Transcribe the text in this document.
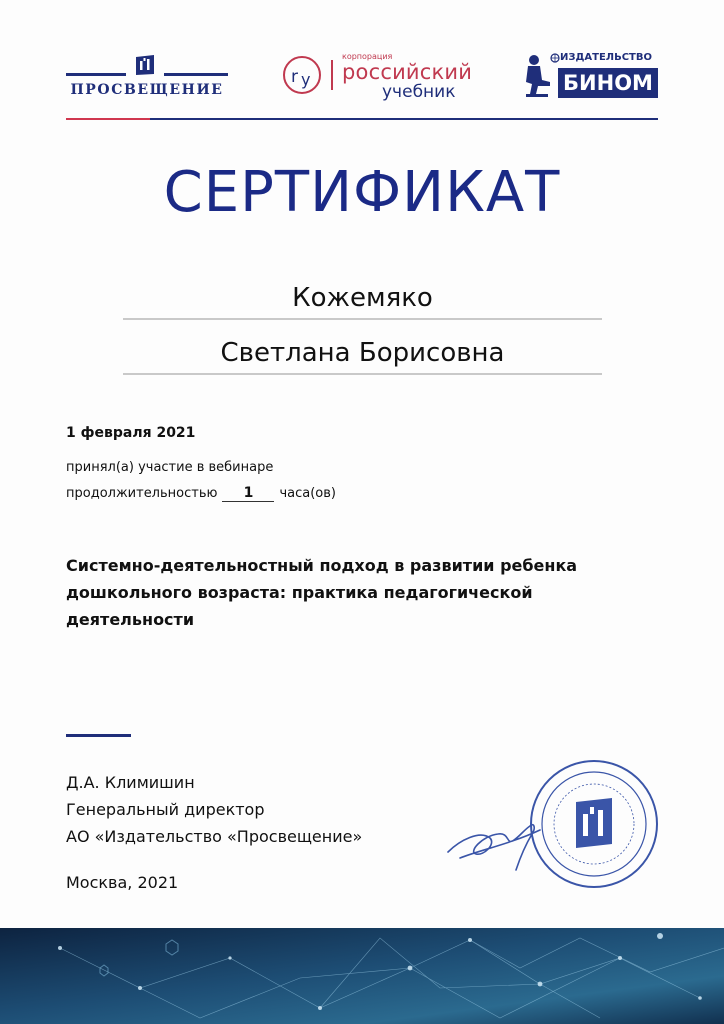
ПРОСВЕЩЕНИЕ
r y
корпорация
российский
учебник
ИЗДАТЕЛЬСТВО
БИНОМ
СЕРТИФИКАТ
Кожемяко
Светлана Борисовна
1 февраля 2021
принял(а) участие в вебинаре
продолжительностью	1	часа(ов)
Системно-деятельностный подход в развитии ребенка дошкольного возраста: практика педагогической деятельности
Д.А. Климишин
Генеральный директор
АО «Издательство «Просвещение»
Москва, 2021
